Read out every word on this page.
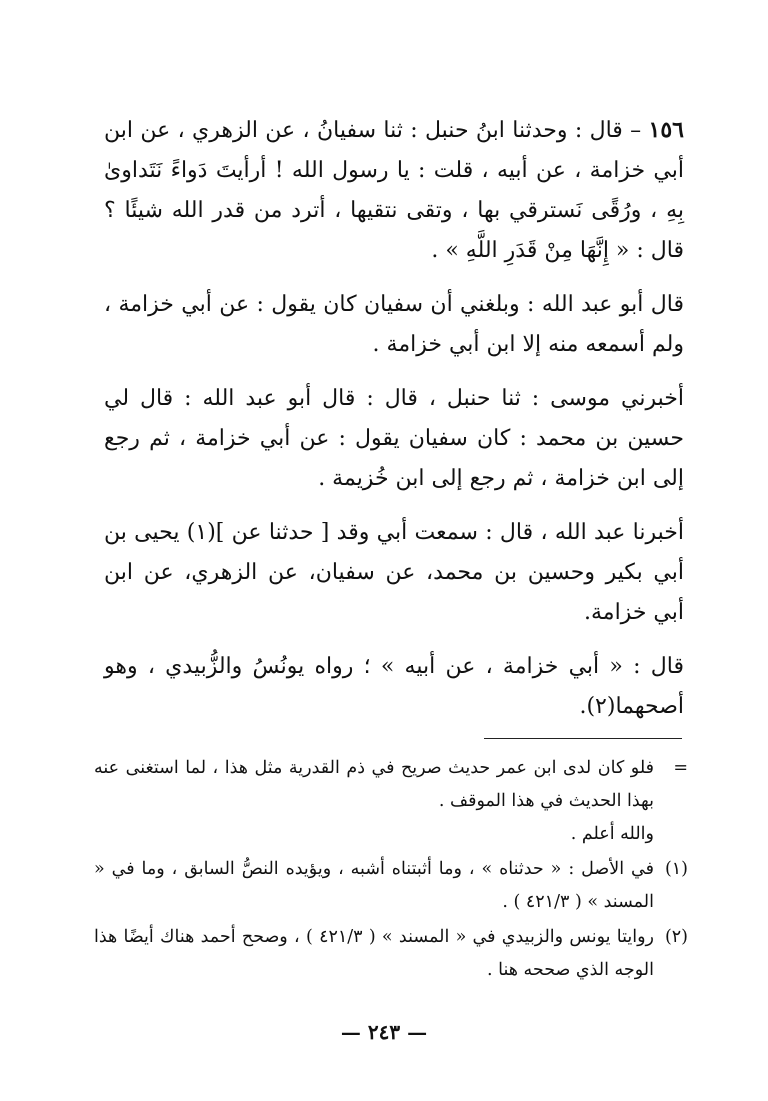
١٥٦ – قال : وحدثنا ابنُ حنبل : ثنا سفيانُ ، عن الزهري ، عن ابن أبي خزامة ، عن أبيه ، قلت : يا رسول الله ! أرأيتَ دَواءً نَتَداوىٰ بِهِ ، ورُقًى نَسترقي بها ، وتقى نتقيها ، أترد من قدر الله شيئًا ؟ قال : « إِنَّهَا مِنْ قَدَرِ اللَّهِ » .

قال أبو عبد الله : وبلغني أن سفيان كان يقول : عن أبي خزامة ، ولم أسمعه منه إلا ابن أبي خزامة .

أخبرني موسى : ثنا حنبل ، قال : قال أبو عبد الله : قال لي حسين بن محمد : كان سفيان يقول : عن أبي خزامة ، ثم رجع إلى ابن خزامة ، ثم رجع إلى ابن خُزيمة .

أخبرنا عبد الله ، قال : سمعت أبي وقد [ حدثنا عن ](١) يحيى بن أبي بكير وحسين بن محمد، عن سفيان، عن الزهري، عن ابن أبي خزامة.

قال : « أبي خزامة ، عن أبيه » ؛ رواه يونُسُ والزُّبيدي ، وهو أصحهما(٢).

=
فلو كان لدى ابن عمر حديث صريح في ذم القدرية مثل هذا ، لما استغنى عنه بهذا الحديث في هذا الموقف .
والله أعلم .
(١)
في الأصل : « حدثناه » ، وما أثبتناه أشبه ، ويؤيده النصُّ السابق ، وما في « المسند » ( ٤٢١/٣ ) .
(٢)
روايتا يونس والزبيدي في « المسند » ( ٤٢١/٣ ) ، وصحح أحمد هناك أيضًا هذا الوجه الذي صححه هنا .
— ٢٤٣ —
